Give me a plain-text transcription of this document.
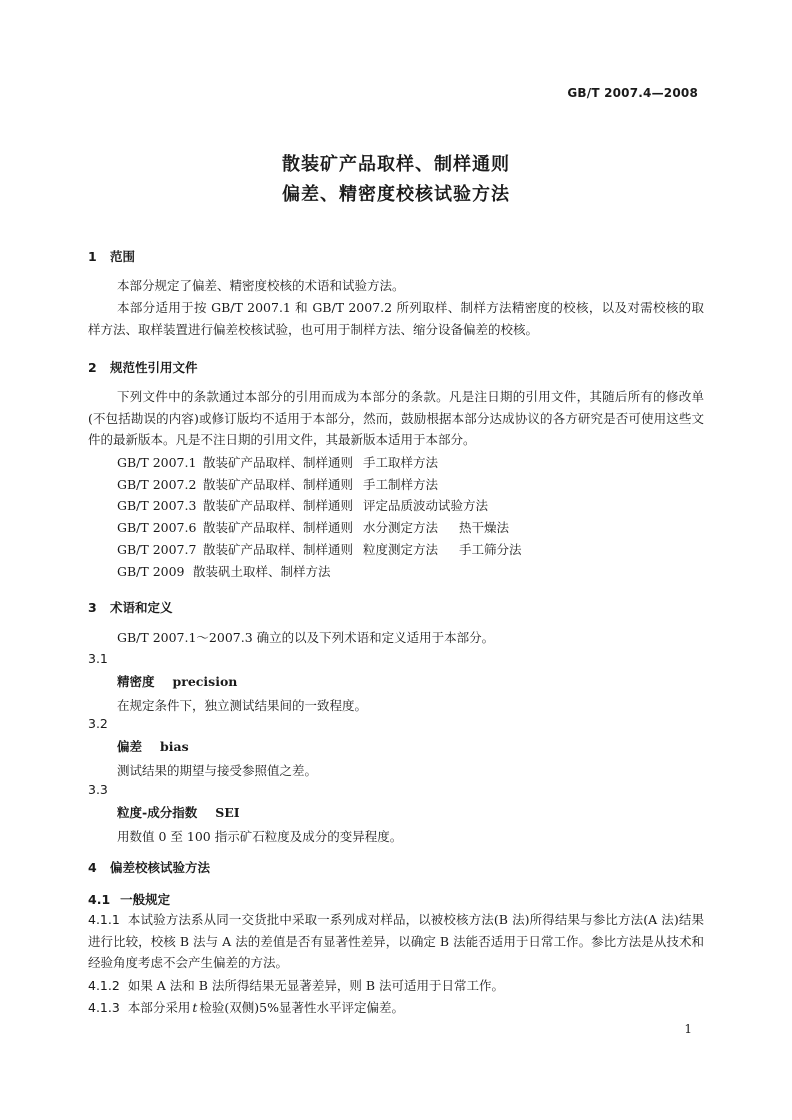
GB/T 2007.4—2008
散装矿产品取样、制样通则
偏差、精密度校核试验方法
1 范围
本部分规定了偏差、精密度校核的术语和试验方法。
本部分适用于按 GB/T 2007.1 和 GB/T 2007.2 所列取样、制样方法精密度的校核，以及对需校核的取样方法、取样装置进行偏差校核试验，也可用于制样方法、缩分设备偏差的校核。
2 规范性引用文件
下列文件中的条款通过本部分的引用而成为本部分的条款。凡是注日期的引用文件，其随后所有的修改单(不包括勘误的内容)或修订版均不适用于本部分，然而，鼓励根据本部分达成协议的各方研究是否可使用这些文件的最新版本。凡是不注日期的引用文件，其最新版本适用于本部分。
GB/T 2007.1 散装矿产品取样、制样通则 手工取样方法
GB/T 2007.2 散装矿产品取样、制样通则 手工制样方法
GB/T 2007.3 散装矿产品取样、制样通则 评定品质波动试验方法
GB/T 2007.6 散装矿产品取样、制样通则 水分测定方法 热干燥法
GB/T 2007.7 散装矿产品取样、制样通则 粒度测定方法 手工筛分法
GB/T 2009 散装矾土取样、制样方法
3 术语和定义
GB/T 2007.1～2007.3 确立的以及下列术语和定义适用于本部分。
3.1
精密度 precision
在规定条件下，独立测试结果间的一致程度。
3.2
偏差 bias
测试结果的期望与接受参照值之差。
3.3
粒度-成分指数 SEI
用数值 0 至 100 指示矿石粒度及成分的变异程度。
4 偏差校核试验方法
4.1 一般规定
4.1.1 本试验方法系从同一交货批中采取一系列成对样品，以被校核方法(B 法)所得结果与参比方法(A 法)结果进行比较，校核 B 法与 A 法的差值是否有显著性差异，以确定 B 法能否适用于日常工作。参比方法是从技术和经验角度考虑不会产生偏差的方法。
4.1.2 如果 A 法和 B 法所得结果无显著差异，则 B 法可适用于日常工作。
4.1.3 本部分采用 t 检验(双侧)5%显著性水平评定偏差。
1
